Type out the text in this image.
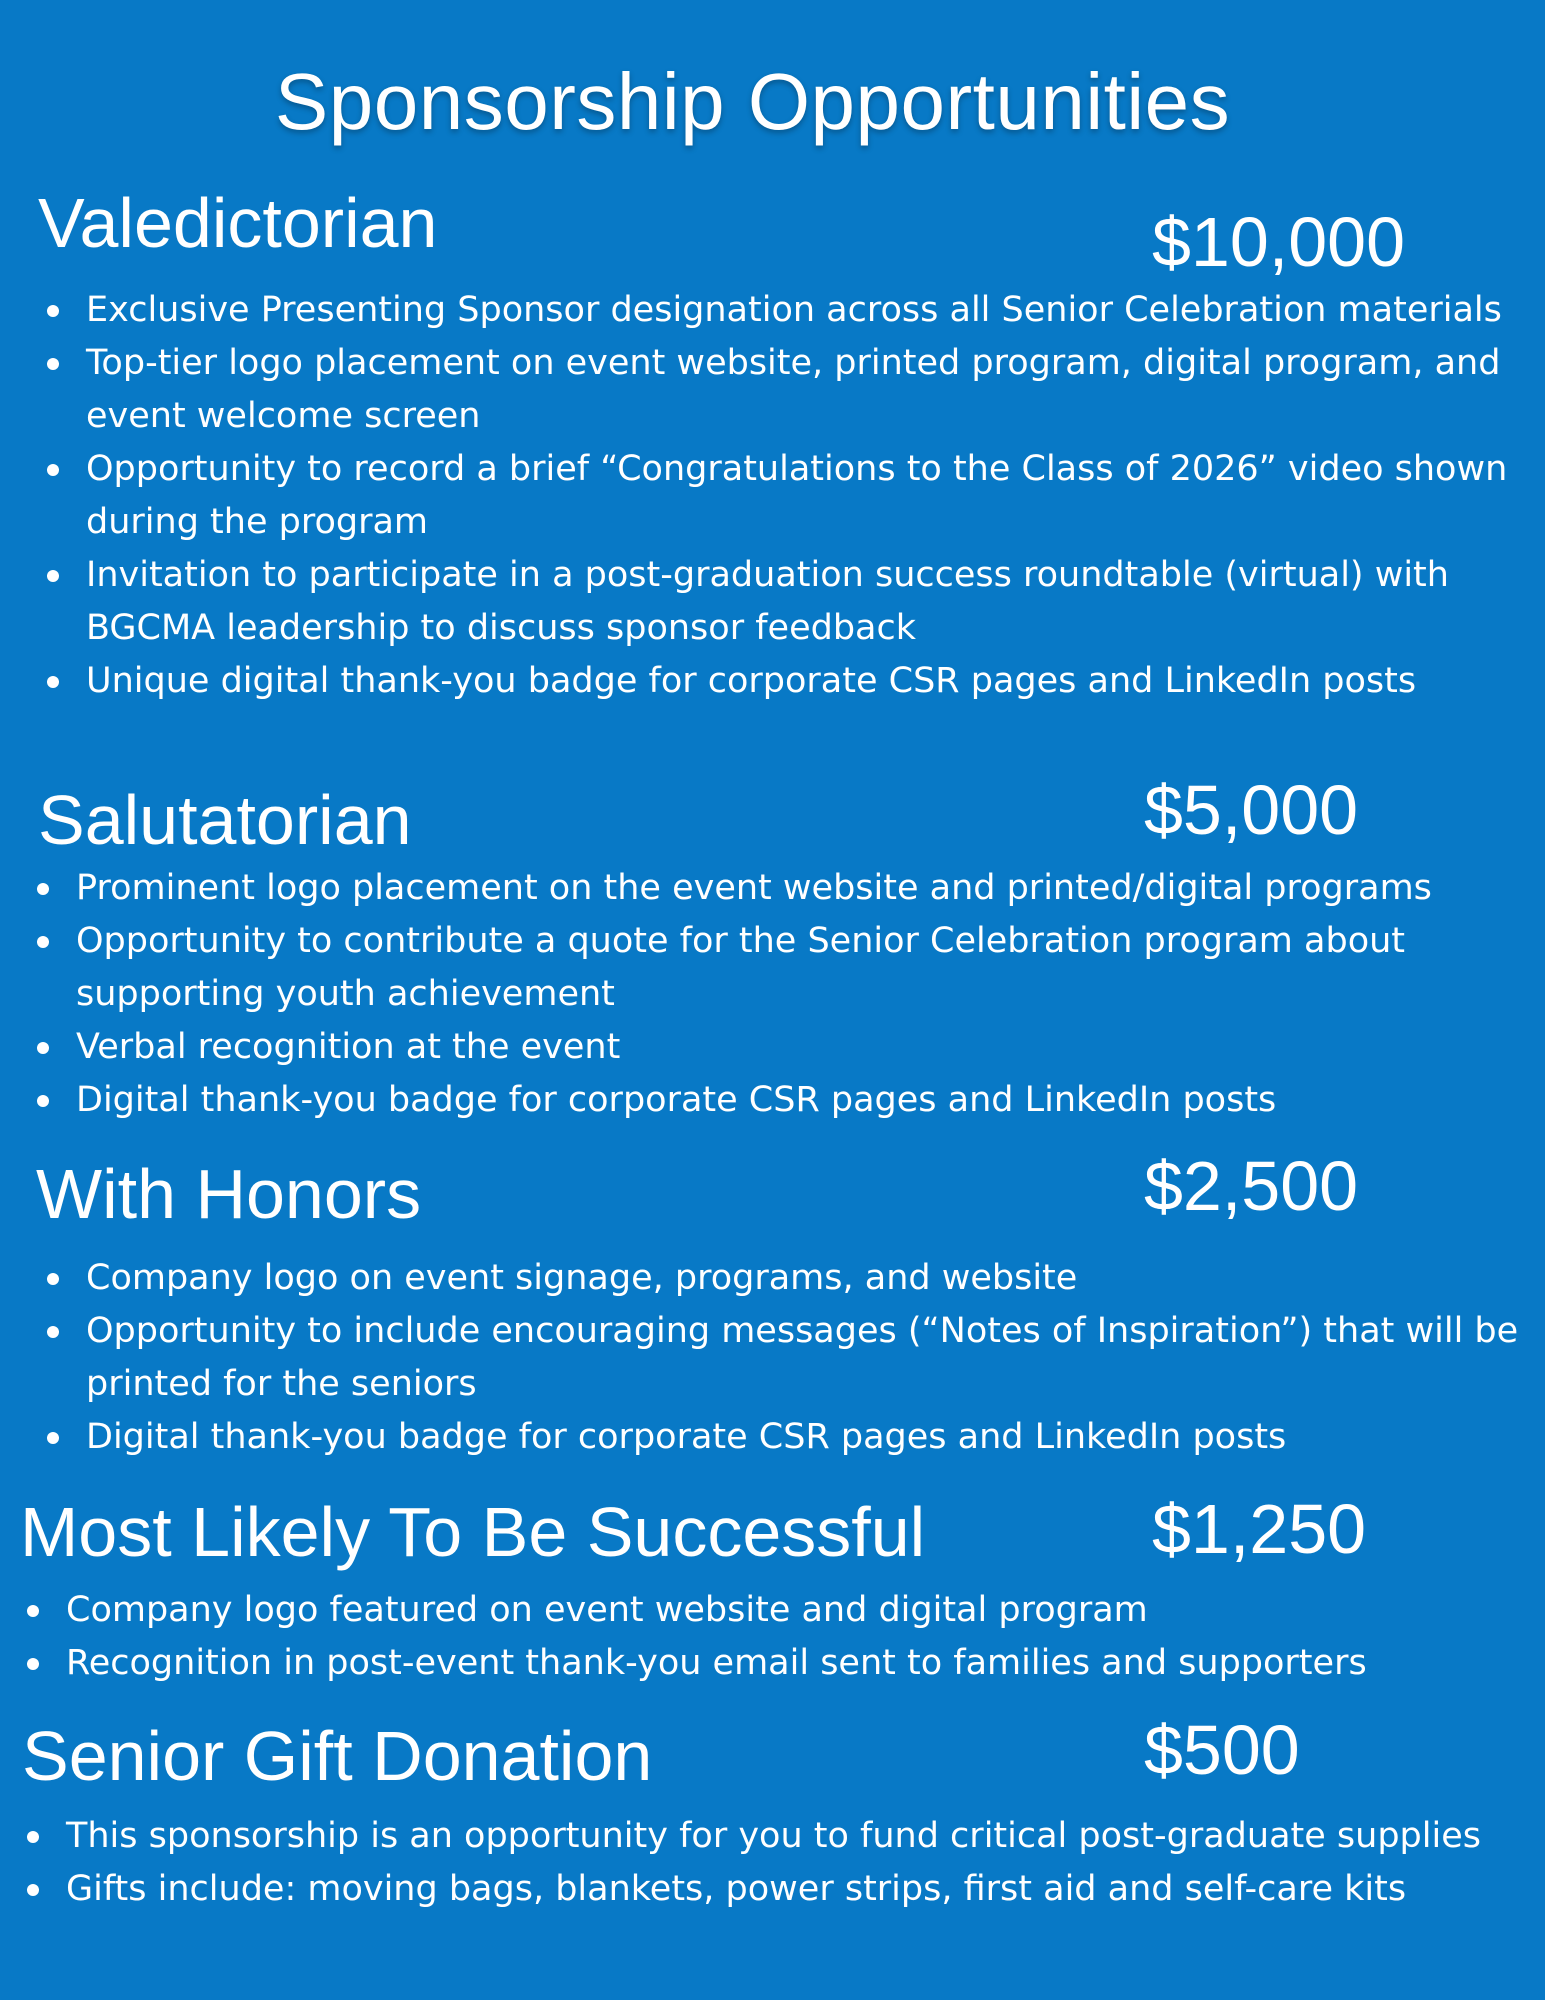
Sponsorship Opportunities
Valedictorian	$10,000
Exclusive Presenting Sponsor designation across all Senior Celebration materials
Top-tier logo placement on event website, printed program, digital program, and event welcome screen
Opportunity to record a brief “Congratulations to the Class of 2026” video shown during the program
Invitation to participate in a post-graduation success roundtable (virtual) with BGCMA leadership to discuss sponsor feedback
Unique digital thank-you badge for corporate CSR pages and LinkedIn posts
Salutatorian	$5,000
Prominent logo placement on the event website and printed/digital programs
Opportunity to contribute a quote for the Senior Celebration program about supporting youth achievement
Verbal recognition at the event
Digital thank-you badge for corporate CSR pages and LinkedIn posts
With Honors	$2,500
Company logo on event signage, programs, and website
Opportunity to include encouraging messages (“Notes of Inspiration”) that will be printed for the seniors
Digital thank-you badge for corporate CSR pages and LinkedIn posts
Most Likely To Be Successful	$1,250
Company logo featured on event website and digital program
Recognition in post-event thank-you email sent to families and supporters
Senior Gift Donation	$500
This sponsorship is an opportunity for you to fund critical post-graduate supplies
Gifts include: moving bags, blankets, power strips, first aid and self-care kits
